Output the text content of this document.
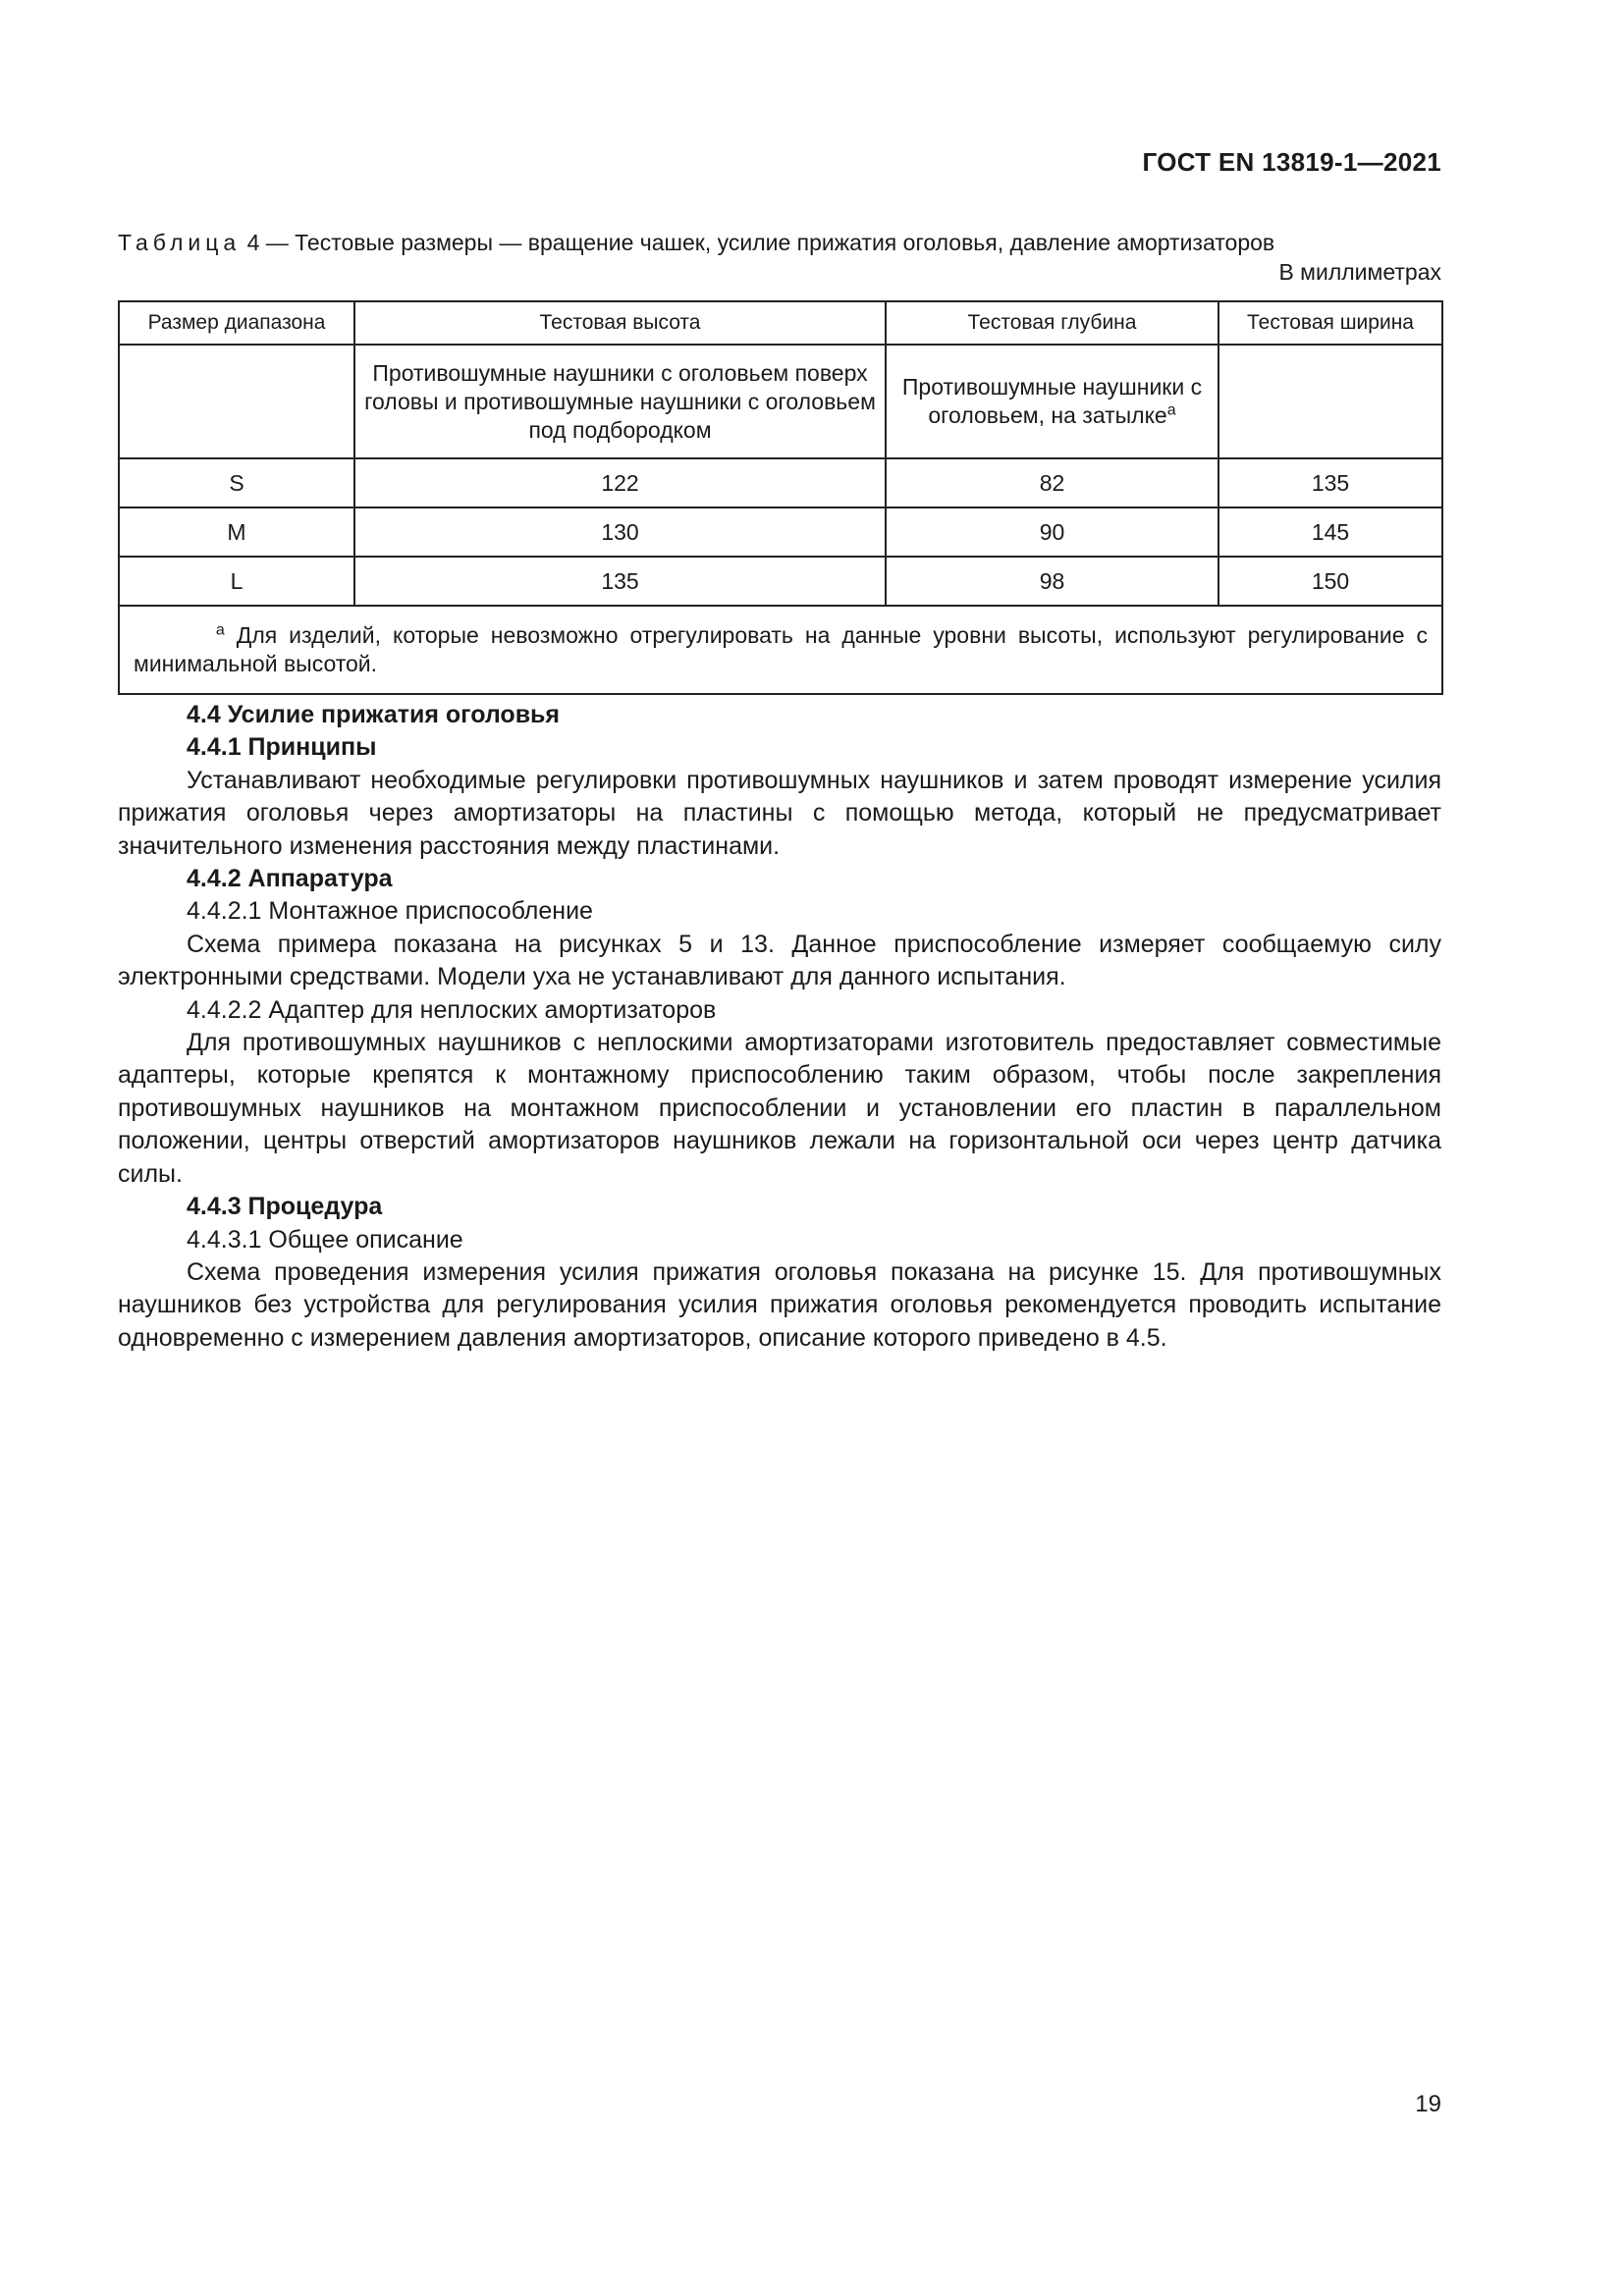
ГОСТ EN 13819-1—2021
Таблица 4 — Тестовые размеры — вращение чашек, усилие прижатия оголовья, давление амортизаторов
В миллиметрах
Размер диапазона	Тестовая высота	Тестовая глубина	Тестовая ширина
	Противошумные наушники с оголовьем поверх головы и противошумные наушники с оголовьем под подбородком	Противошумные наушники с оголовьем, на затылке$^a$	
S	122	82	135
M	130	90	145
L	135	98	150
$^a$ Для изделий, которые невозможно отрегулировать на данные уровни высоты, используют регулирование с минимальной высотой.			

4.4 Усилие прижатия оголовья

4.4.1 Принципы

Устанавливают необходимые регулировки противошумных наушников и затем проводят измерение усилия прижатия оголовья через амортизаторы на пластины с помощью метода, который не предусматривает значительного изменения расстояния между пластинами.

4.4.2 Аппаратура

4.4.2.1 Монтажное приспособление

Схема примера показана на рисунках 5 и 13. Данное приспособление измеряет сообщаемую силу электронными средствами. Модели уха не устанавливают для данного испытания.

4.4.2.2 Адаптер для неплоских амортизаторов

Для противошумных наушников с неплоскими амортизаторами изготовитель предоставляет совместимые адаптеры, которые крепятся к монтажному приспособлению таким образом, чтобы после закрепления противошумных наушников на монтажном приспособлении и установлении его пластин в параллельном положении, центры отверстий амортизаторов наушников лежали на горизонтальной оси через центр датчика силы.

4.4.3 Процедура

4.4.3.1 Общее описание

Схема проведения измерения усилия прижатия оголовья показана на рисунке 15. Для противошумных наушников без устройства для регулирования усилия прижатия оголовья рекомендуется проводить испытание одновременно с измерением давления амортизаторов, описание которого приведено в 4.5.

19
